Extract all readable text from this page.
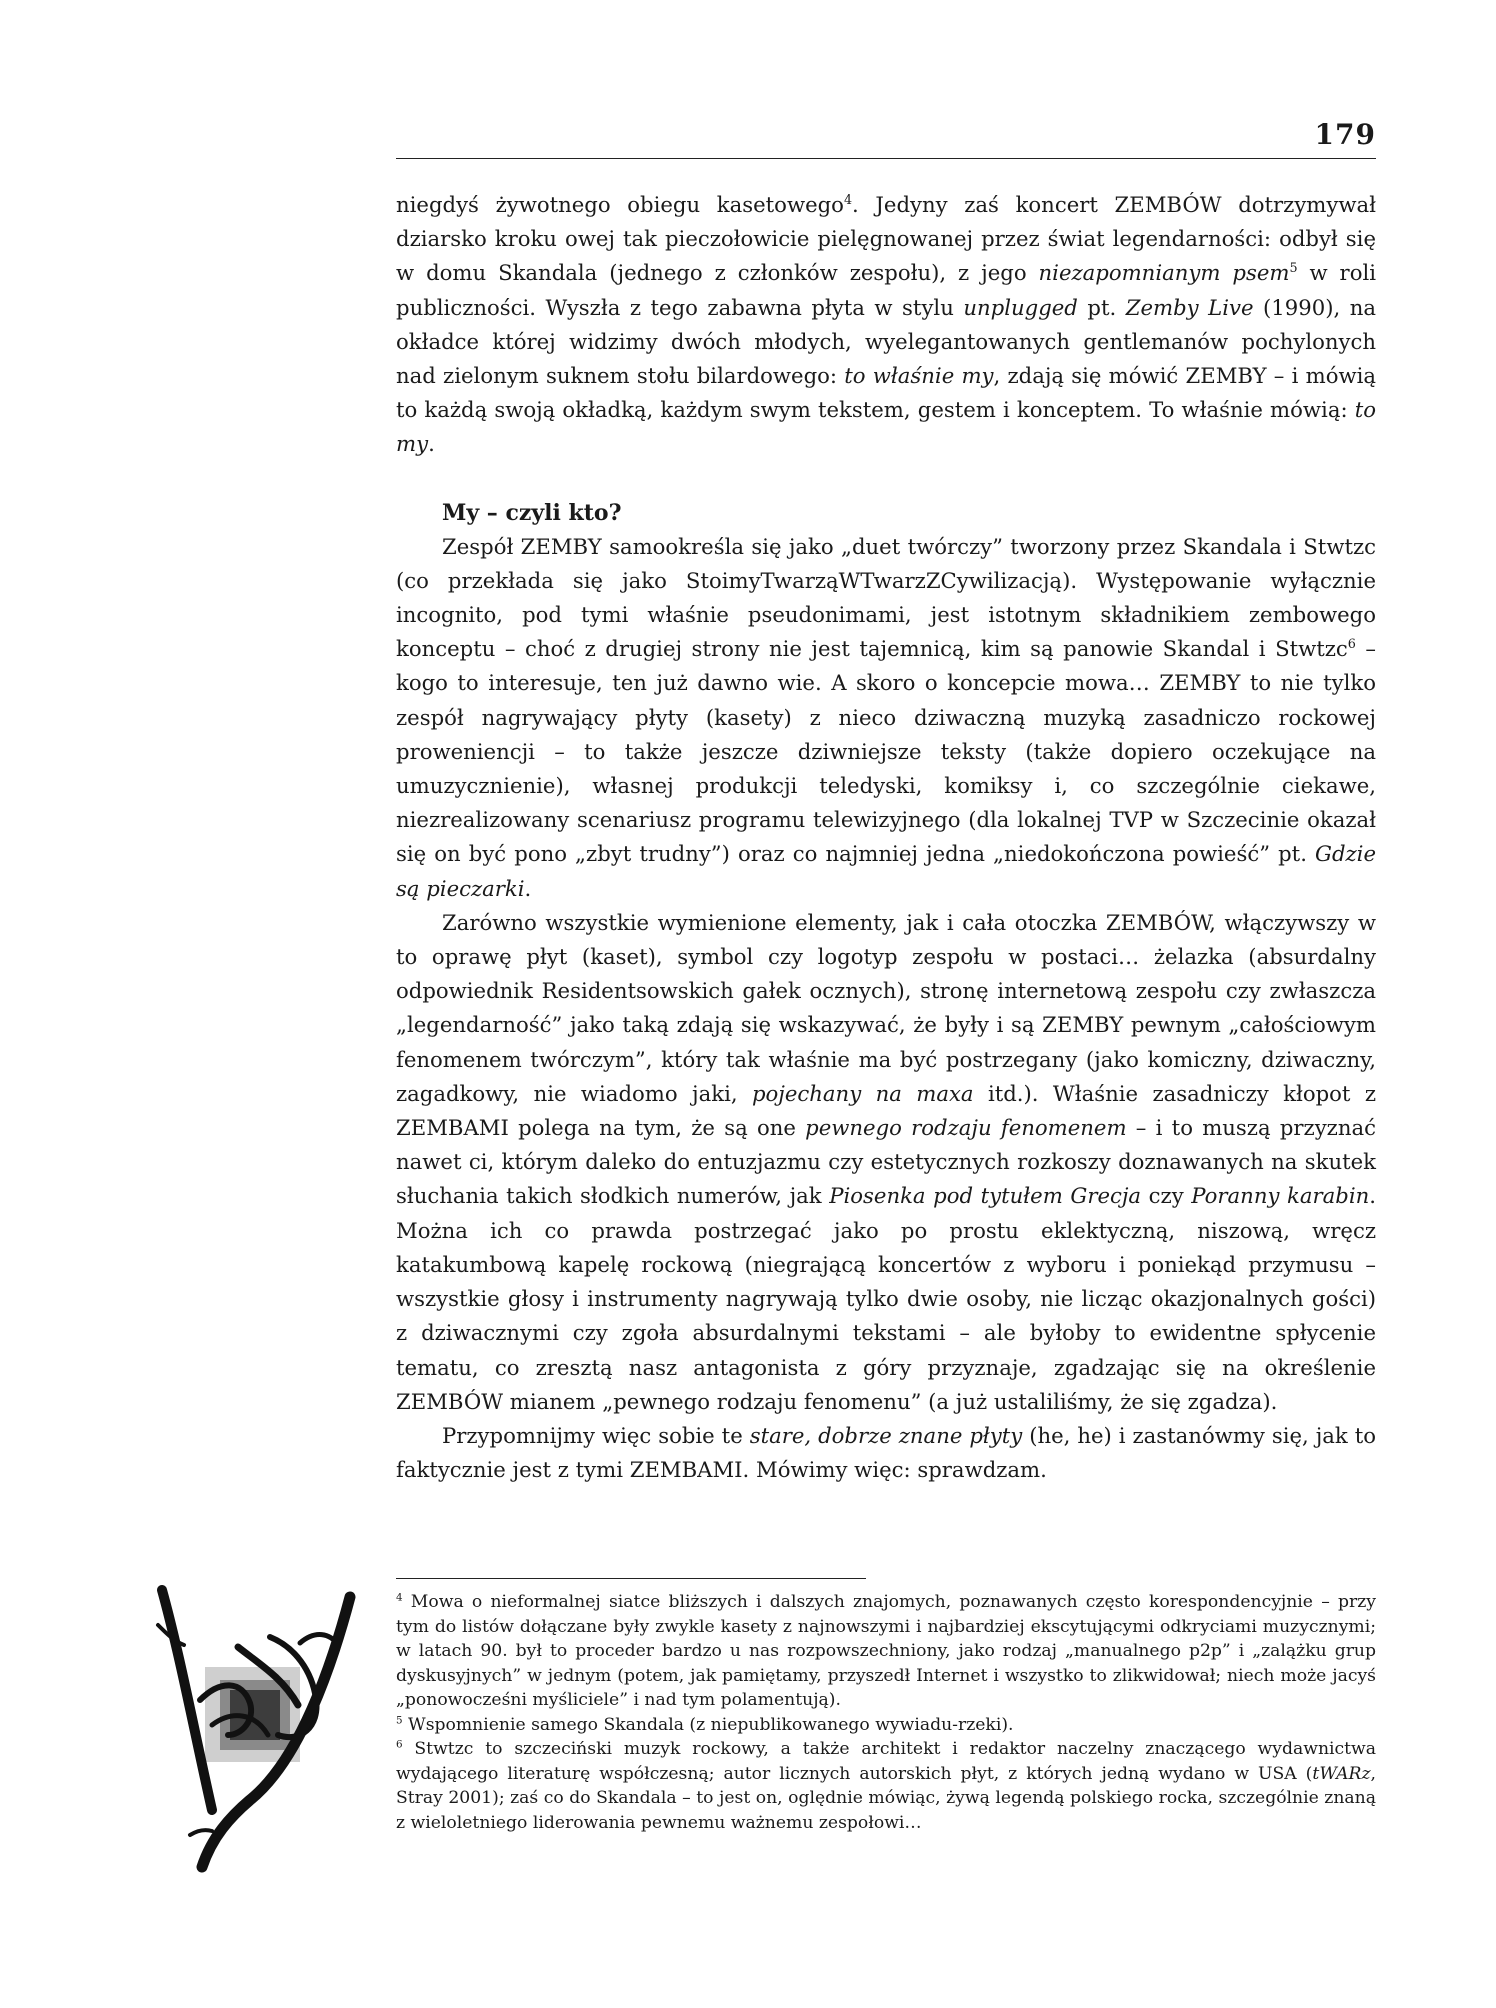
179

niegdyś żywotnego obiegu kasetowego$^4$. Jedyny zaś koncert ZEMBÓW dotrzymywał dziarsko kroku owej tak pieczołowicie pielęgnowanej przez świat legendarności: odbył się w domu Skandala (jednego z członków zespołu), z jego niezapomnianym psem$^5$ w roli publiczności. Wyszła z tego zabawna płyta w stylu unplugged pt. Zemby Live (1990), na okładce której widzimy dwóch młodych, wyelegantowanych gentlemanów pochylonych nad zielonym suknem stołu bilardowego: to właśnie my, zdają się mówić ZEMBY – i mówią to każdą swoją okładką, każdym swym tekstem, gestem i konceptem. To właśnie mówią: to my.

My – czyli kto?

Zespół ZEMBY samookreśla się jako „duet twórczy” tworzony przez Skandala i Stwtzc (co przekłada się jako StoimyTwarząWTwarzZCywilizacją). Występowanie wyłącznie incognito, pod tymi właśnie pseudonimami, jest istotnym składnikiem zembowego konceptu – choć z drugiej strony nie jest tajemnicą, kim są panowie Skandal i Stwtzc$^6$ – kogo to interesuje, ten już dawno wie. A skoro o koncepcie mowa… ZEMBY to nie tylko zespół nagrywający płyty (kasety) z nieco dziwaczną muzyką zasadniczo rockowej proweniencji – to także jeszcze dziwniejsze teksty (także dopiero oczekujące na umuzycznienie), własnej produkcji teledyski, komiksy i, co szczególnie ciekawe, niezrealizowany scenariusz programu telewizyjnego (dla lokalnej TVP w Szczecinie okazał się on być pono „zbyt trudny”) oraz co najmniej jedna „niedokończona powieść” pt. Gdzie są pieczarki.

Zarówno wszystkie wymienione elementy, jak i cała otoczka ZEMBÓW, włączywszy w to oprawę płyt (kaset), symbol czy logotyp zespołu w postaci… żelazka (absurdalny odpowiednik Residentsowskich gałek ocznych), stronę internetową zespołu czy zwłaszcza „legendarność” jako taką zdają się wskazywać, że były i są ZEMBY pewnym „całościowym fenomenem twórczym”, który tak właśnie ma być postrzegany (jako komiczny, dziwaczny, zagadkowy, nie wiadomo jaki, pojechany na maxa itd.). Właśnie zasadniczy kłopot z ZEMBAMI polega na tym, że są one pewnego rodzaju fenomenem – i to muszą przyznać nawet ci, którym daleko do entuzjazmu czy estetycznych rozkoszy doznawanych na skutek słuchania takich słodkich numerów, jak Piosenka pod tytułem Grecja czy Poranny karabin. Można ich co prawda postrzegać jako po prostu eklektyczną, niszową, wręcz katakumbową kapelę rockową (niegrającą koncertów z wyboru i poniekąd przymusu – wszystkie głosy i instrumenty nagrywają tylko dwie osoby, nie licząc okazjonalnych gości) z dziwacznymi czy zgoła absurdalnymi tekstami – ale byłoby to ewidentne spłycenie tematu, co zresztą nasz antagonista z góry przyznaje, zgadzając się na określenie ZEMBÓW mianem „pewnego rodzaju fenomenu” (a już ustaliliśmy, że się zgadza).

Przypomnijmy więc sobie te stare, dobrze znane płyty (he, he) i zastanówmy się, jak to faktycznie jest z tymi ZEMBAMI. Mówimy więc: sprawdzam.

$^4$ Mowa o nieformalnej siatce bliższych i dalszych znajomych, poznawanych często korespondencyjnie – przy tym do listów dołączane były zwykle kasety z najnowszymi i najbardziej ekscytującymi odkryciami muzycznymi; w latach 90. był to proceder bardzo u nas rozpowszechniony, jako rodzaj „manualnego p2p” i „zalążku grup dyskusyjnych” w jednym (potem, jak pamiętamy, przyszedł Internet i wszystko to zlikwidował; niech może jacyś „ponowocześni myśliciele” i nad tym polamentują).

$^5$ Wspomnienie samego Skandala (z niepublikowanego wywiadu-rzeki).

$^6$ Stwtzc to szczeciński muzyk rockowy, a także architekt i redaktor naczelny znaczącego wydawnictwa wydającego literaturę współczesną; autor licznych autorskich płyt, z których jedną wydano w USA (tWARz, Stray 2001); zaś co do Skandala – to jest on, oględnie mówiąc, żywą legendą polskiego rocka, szczególnie znaną z wieloletniego liderowania pewnemu ważnemu zespołowi…
